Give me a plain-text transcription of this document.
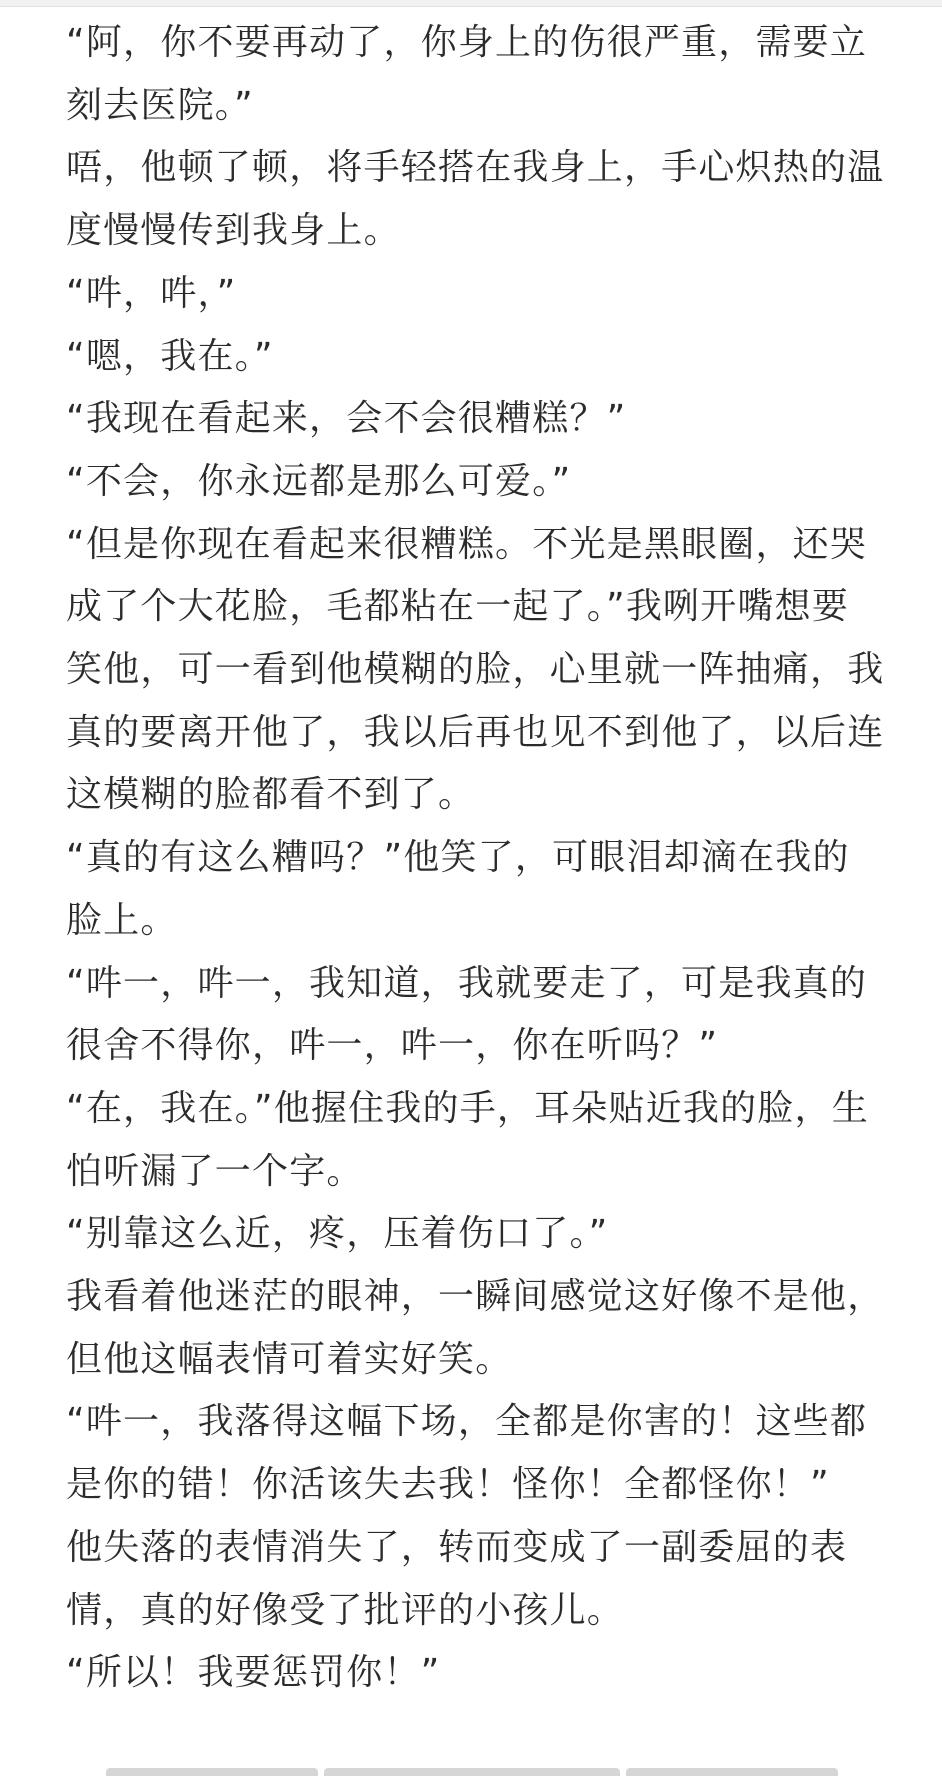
“阿，你不要再动了，你身上的伤很严重，需要立刻去医院。”

唔，他顿了顿，将手轻搭在我身上，手心炽热的温度慢慢传到我身上。

“吽，吽，”

“嗯，我在。”

“我现在看起来，会不会很糟糕？”

“不会，你永远都是那么可爱。”

“但是你现在看起来很糟糕。不光是黑眼圈，还哭成了个大花脸，毛都粘在一起了。”我咧开嘴想要笑他，可一看到他模糊的脸，心里就一阵抽痛，我真的要离开他了，我以后再也见不到他了，以后连这模糊的脸都看不到了。

“真的有这么糟吗？”他笑了，可眼泪却滴在我的脸上。

“吽一，吽一，我知道，我就要走了，可是我真的很舍不得你，吽一，吽一，你在听吗？”

“在，我在。”他握住我的手，耳朵贴近我的脸，生怕听漏了一个字。

“别靠这么近，疼，压着伤口了。”

我看着他迷茫的眼神，一瞬间感觉这好像不是他，但他这幅表情可着实好笑。

“吽一，我落得这幅下场，全都是你害的！这些都是你的错！你活该失去我！怪你！全都怪你！”

他失落的表情消失了，转而变成了一副委屈的表情，真的好像受了批评的小孩儿。

“所以！我要惩罚你！”
